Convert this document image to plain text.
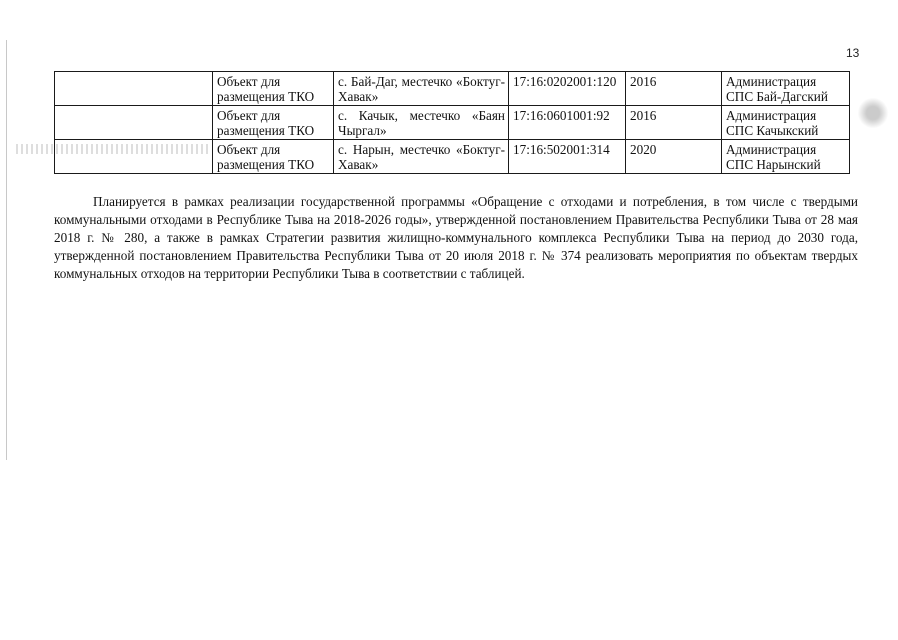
13
	Объект для размещения ТКО	с. Бай-Даг, местечко «Боктуг-Хавак»	17:16:0202001:120	2016	Администрация СПС Бай-Дагский
	Объект для размещения ТКО	с. Качык, местечко «Баян Чыргал»	17:16:0601001:92	2016	Администрация СПС Качыкский
	Объект для размещения ТКО	с. Нарын, местечко «Боктуг-Хавак»	17:16:502001:314	2020	Администрация СПС Нарынский

Планируется в рамках реализации государственной программы «Обращение с отходами и потребления, в том числе с твердыми коммунальными отходами в Республике Тыва на 2018-2026 годы», утвержденной постановлением Правительства Республики Тыва от 28 мая 2018 г. № 280, а также в рамках Стратегии развития жилищно-коммунального комплекса Республики Тыва на период до 2030 года, утвержденной постановлением Правительства Республики Тыва от 20 июля 2018 г. № 374 реализовать мероприятия по объектам твердых коммунальных отходов на территории Республики Тыва в соответствии с таблицей.
